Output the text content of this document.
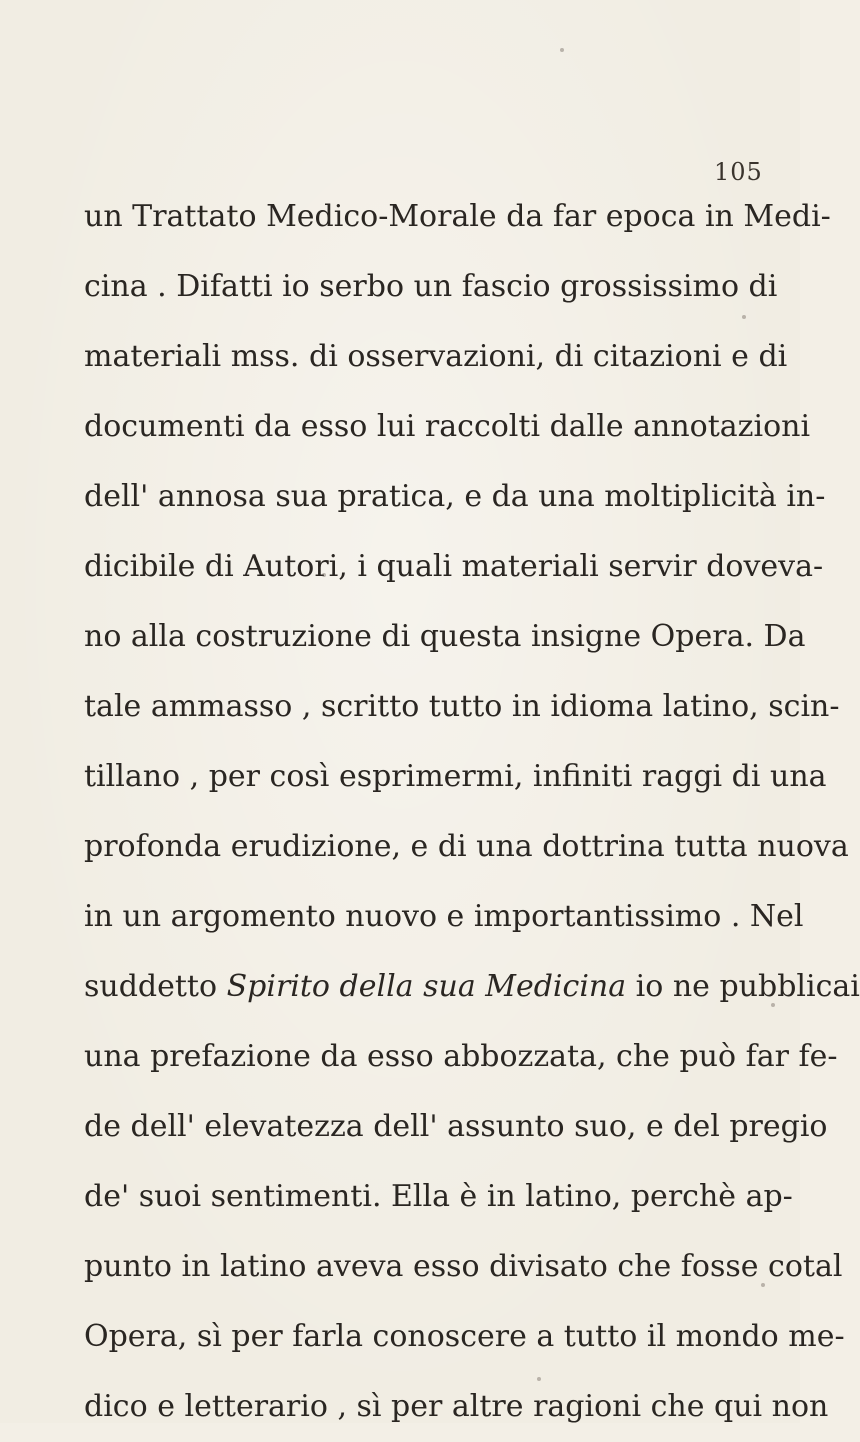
105
un Trattato Medico-Morale da far epoca in Medi-
cina . Difatti io serbo un fascio grossissimo di
materiali mss. di osservazioni, di citazioni e di
documenti da esso lui raccolti dalle annotazioni
dell' annosa sua pratica, e da una moltiplicità in-
dicibile di Autori, i quali materiali servir doveva-
no alla costruzione di questa insigne Opera. Da
tale ammasso , scritto tutto in idioma latino, scin-
tillano , per così esprimermi, infiniti raggi di una
profonda erudizione, e di una dottrina tutta nuova
in un argomento nuovo e importantissimo . Nel
suddetto Spirito della sua Medicina io ne pubblicai
una prefazione da esso abbozzata, che può far fe-
de dell' elevatezza dell' assunto suo, e del pregio
de' suoi sentimenti. Ella è in latino, perchè ap-
punto in latino aveva esso divisato che fosse cotal
Opera, sì per farla conoscere a tutto il mondo me-
dico e letterario , sì per altre ragioni che qui non
